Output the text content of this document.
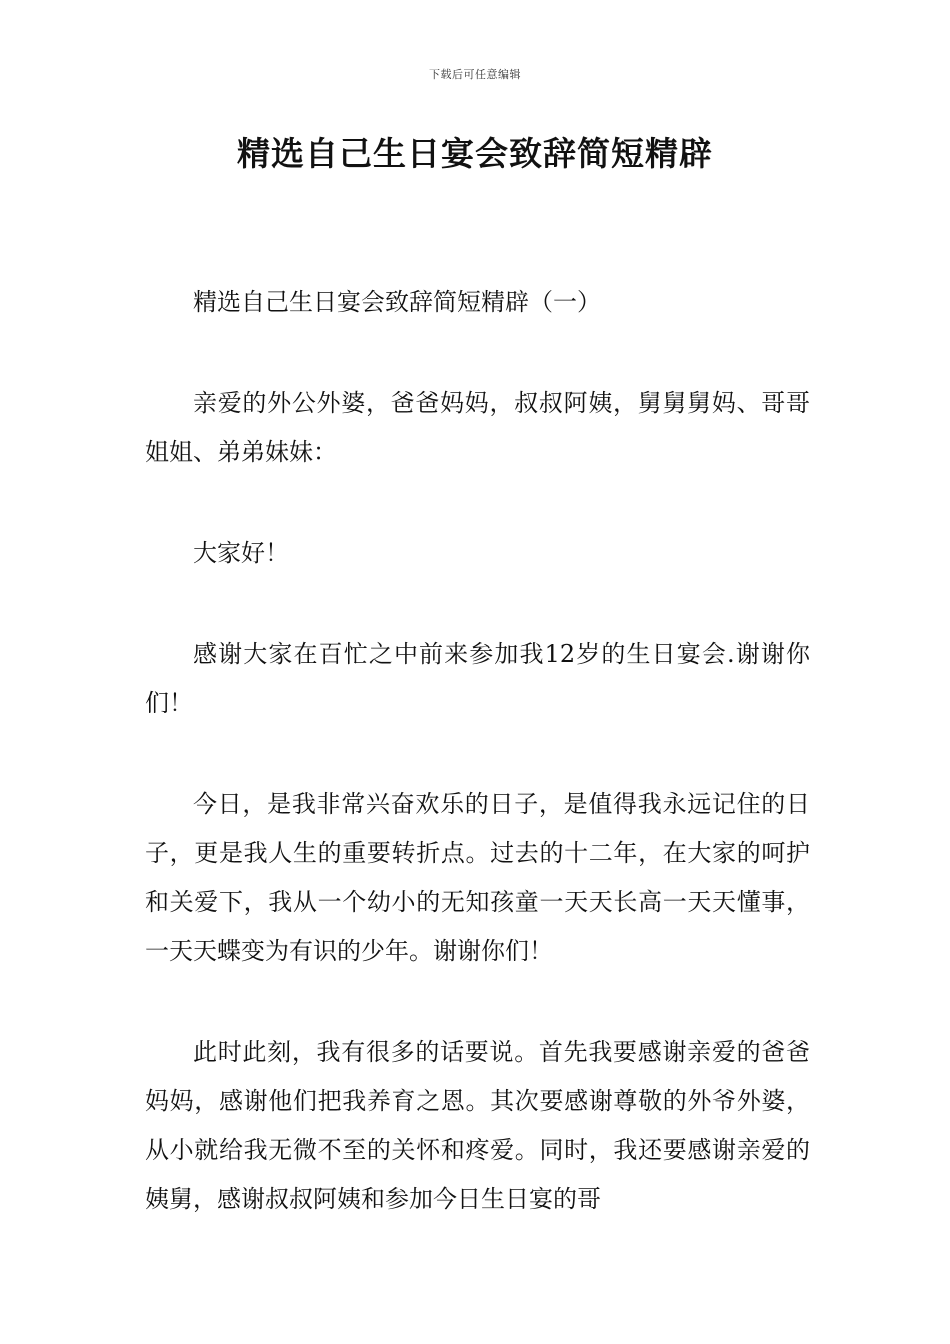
下载后可任意编辑
精选自己生日宴会致辞简短精辟

精选自己生日宴会致辞简短精辟（一）

亲爱的外公外婆，爸爸妈妈，叔叔阿姨，舅舅舅妈、哥哥姐姐、弟弟妹妹：

大家好！

感谢大家在百忙之中前来参加我12岁的生日宴会.谢谢你们！

今日，是我非常兴奋欢乐的日子，是值得我永远记住的日子，更是我人生的重要转折点。过去的十二年，在大家的呵护和关爱下，我从一个幼小的无知孩童一天天长高一天天懂事，一天天蝶变为有识的少年。谢谢你们！

此时此刻，我有很多的话要说。首先我要感谢亲爱的爸爸妈妈，感谢他们把我养育之恩。其次要感谢尊敬的外爷外婆，从小就给我无微不至的关怀和疼爱。同时，我还要感谢亲爱的姨舅，感谢叔叔阿姨和参加今日生日宴的哥
